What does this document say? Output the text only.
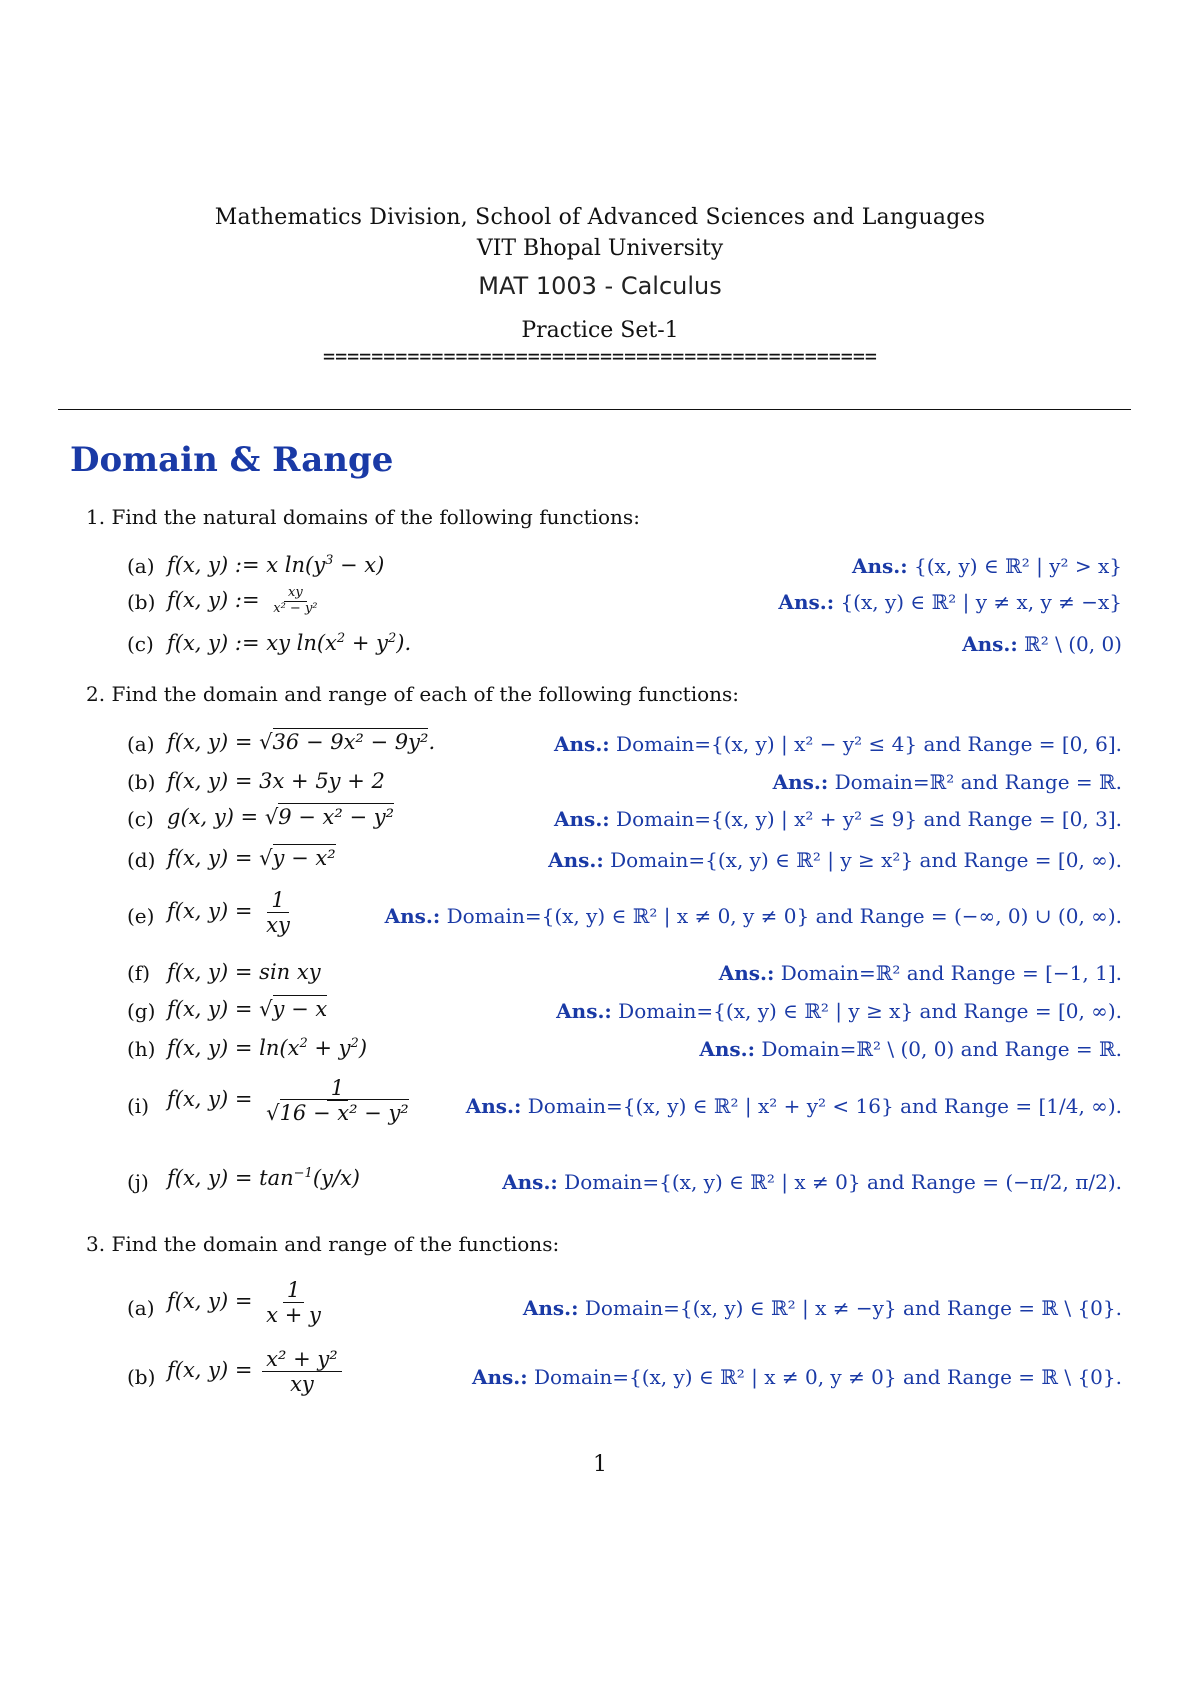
Mathematics Division, School of Advanced Sciences and Languages
VIT Bhopal University
MAT 1003 - Calculus
Practice Set-1
==============================================
Domain & Range
1. Find the natural domains of the following functions:
(a) f(x, y) := x $\ln(y^3 - x)$	Ans.: {(x, y) ∈ ℝ² | y² > x}
(b) f(x, y) := $\frac{xy}{\text{x² − y²}}$	Ans.: {(x, y) ∈ ℝ² | y ≠ x, y ≠ −x}
(c) f(x, y) := xy $\ln(x^2 + y^2)$.	Ans.: ℝ² \ (0, 0)
2. Find the domain and range of each of the following functions:
(a) f(x, y) = √36 − 9x² − 9y².	Ans.: Domain={(x, y) | x² − y² ≤ 4} and Range = [0, 6].
(b) f(x, y) = 3x + 5y + 2	Ans.: Domain=ℝ² and Range = ℝ.
(c) g(x, y) = √9 − x² − y²	Ans.: Domain={(x, y) | x² + y² ≤ 9} and Range = [0, 3].
(d) f(x, y) = √y − x²	Ans.: Domain={(x, y) ∈ ℝ² | y ≥ x²} and Range = [0, ∞).
(e) f(x, $y) = \frac{1}{xy}$	Ans.: Domain={(x, y) ∈ ℝ² | x ≠ 0, y ≠ 0} and Range = (−∞, 0) ∪ (0, ∞).
(f) f(x, y) = sin xy	Ans.: Domain=ℝ² and Range = [−1, 1].
(g) f(x, y) = √y − x	Ans.: Domain={(x, y) ∈ ℝ² | y ≥ x} and Range = [0, ∞).
(h) f(x, $y) = \ln(x^2 + y^2)$	Ans.: Domain=ℝ² \ (0, 0) and Range = ℝ.
(i) f(x, $y) = \frac{1}{\text{√16 − x² − y²}}$	Ans.: Domain={(x, y) ∈ ℝ² | x² + y² < 16} and Range = [1/4, ∞).
(j) f(x, $y) = \tan^{-1}(y/x)$	Ans.: Domain={(x, y) ∈ ℝ² | x ≠ 0} and Range = (−π/2, π/2).
3. Find the domain and range of the functions:
(a) f(x, $y) = \frac{1}{x + y}$	Ans.: Domain={(x, y) ∈ ℝ² | x ≠ −y} and Range = ℝ \ {0}.
(b) f(x, $y) = \frac{\text{x² + y²}}{xy}$	Ans.: Domain={(x, y) ∈ ℝ² | x ≠ 0, y ≠ 0} and Range = ℝ \ {0}.
1
